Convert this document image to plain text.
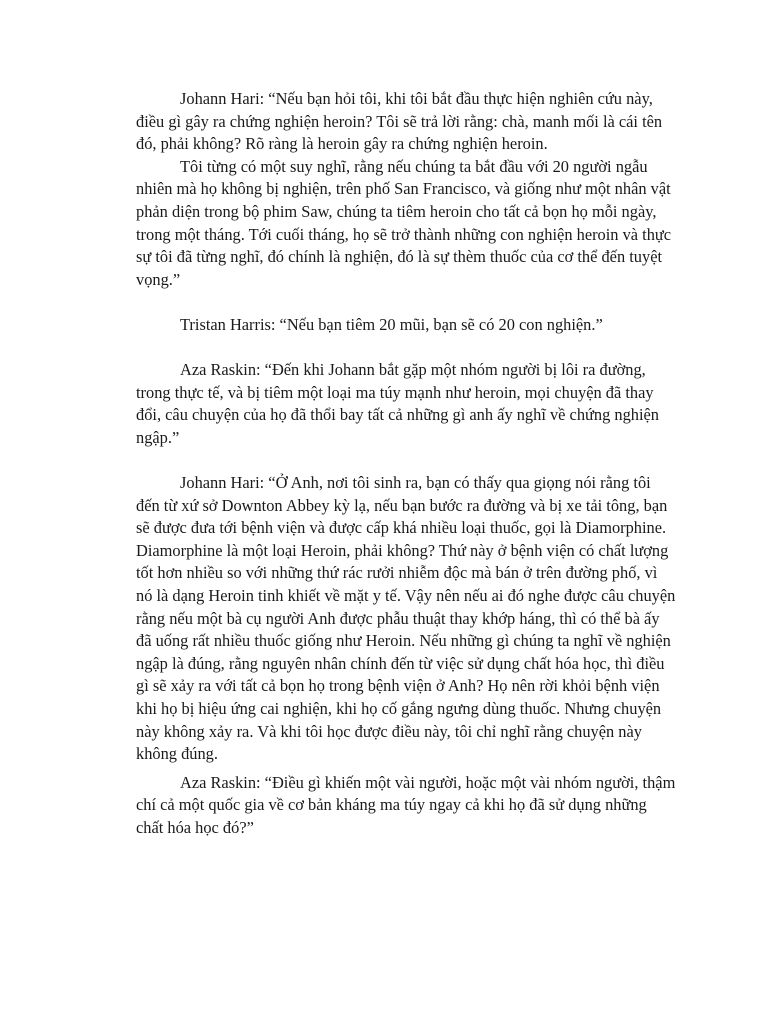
Johann Hari: “Nếu bạn hỏi tôi, khi tôi bắt đầu thực hiện nghiên cứu này, điều gì gây ra chứng nghiện heroin? Tôi sẽ trả lời rằng: chà, manh mối là cái tên đó, phải không? Rõ ràng là heroin gây ra chứng nghiện heroin.

Tôi từng có một suy nghĩ, rằng nếu chúng ta bắt đầu với 20 người ngẫu nhiên mà họ không bị nghiện, trên phố San Francisco, và giống như một nhân vật phản diện trong bộ phim Saw, chúng ta tiêm heroin cho tất cả bọn họ mỗi ngày, trong một tháng. Tới cuối tháng, họ sẽ trở thành những con nghiện heroin và thực sự tôi đã từng nghĩ, đó chính là nghiện, đó là sự thèm thuốc của cơ thể đến tuyệt vọng.”

Tristan Harris: “Nếu bạn tiêm 20 mũi, bạn sẽ có 20 con nghiện.”

Aza Raskin: “Đến khi Johann bắt gặp một nhóm người bị lôi ra đường, trong thực tế, và bị tiêm một loại ma túy mạnh như heroin, mọi chuyện đã thay đổi, câu chuyện của họ đã thổi bay tất cả những gì anh ấy nghĩ về chứng nghiện ngập.”

Johann Hari: “Ở Anh, nơi tôi sinh ra, bạn có thấy qua giọng nói rằng tôi đến từ xứ sở Downton Abbey kỳ lạ, nếu bạn bước ra đường và bị xe tải tông, bạn sẽ được đưa tới bệnh viện và được cấp khá nhiều loại thuốc, gọi là Diamorphine. Diamorphine là một loại Heroin, phải không? Thứ này ở bệnh viện có chất lượng tốt hơn nhiều so với những thứ rác rưởi nhiễm độc mà bán ở trên đường phố, vì nó là dạng Heroin tinh khiết về mặt y tế. Vậy nên nếu ai đó nghe được câu chuyện rằng nếu một bà cụ người Anh được phẫu thuật thay khớp háng, thì có thể bà ấy đã uống rất nhiều thuốc giống như Heroin. Nếu những gì chúng ta nghĩ về nghiện ngập là đúng, rằng nguyên nhân chính đến từ việc sử dụng chất hóa học, thì điều gì sẽ xảy ra với tất cả bọn họ trong bệnh viện ở Anh? Họ nên rời khỏi bệnh viện khi họ bị hiệu ứng cai nghiện, khi họ cố gắng ngưng dùng thuốc. Nhưng chuyện này không xảy ra. Và khi tôi học được điều này, tôi chỉ nghĩ rằng chuyện này không đúng.

Aza Raskin: “Điều gì khiến một vài người, hoặc một vài nhóm người, thậm chí cả một quốc gia về cơ bản kháng ma túy ngay cả khi họ đã sử dụng những chất hóa học đó?”
